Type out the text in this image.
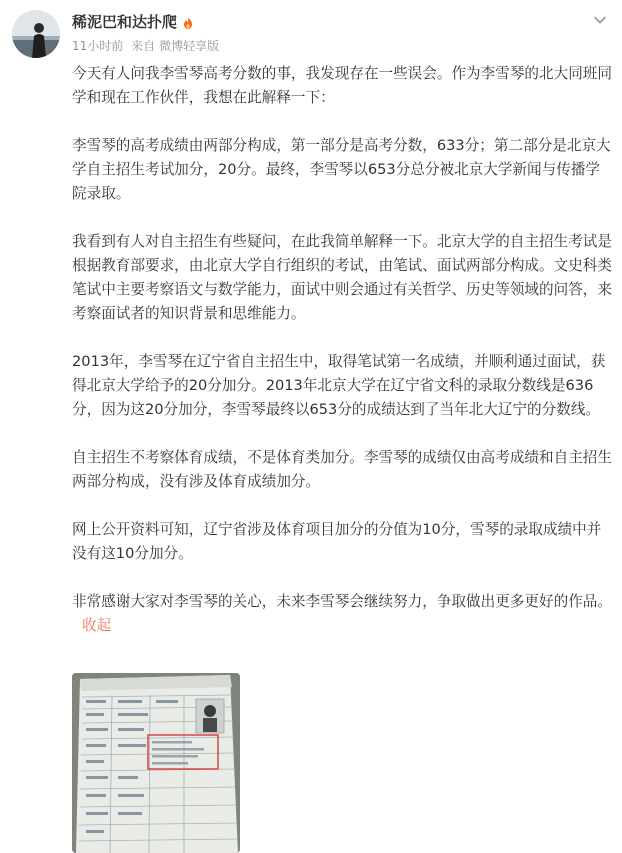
稀泥巴和达扑爬
11小时前 来自 微博轻享版

今天有人问我李雪琴高考分数的事，我发现存在一些误会。作为李雪琴的北大同班同学和现在工作伙伴，我想在此解释一下：

李雪琴的高考成绩由两部分构成，第一部分是高考分数，633分；第二部分是北京大学自主招生考试加分，20分。最终，李雪琴以653分总分被北京大学新闻与传播学院录取。

我看到有人对自主招生有些疑问，在此我简单解释一下。北京大学的自主招生考试是根据教育部要求，由北京大学自行组织的考试，由笔试、面试两部分构成。文史科类笔试中主要考察语文与数学能力，面试中则会通过有关哲学、历史等领域的问答，来考察面试者的知识背景和思维能力。

2013年，李雪琴在辽宁省自主招生中，取得笔试第一名成绩，并顺利通过面试，获得北京大学给予的20分加分。2013年北京大学在辽宁省文科的录取分数线是636分，因为这20分加分，李雪琴最终以653分的成绩达到了当年北大辽宁的分数线。

自主招生不考察体育成绩，不是体育类加分。李雪琴的成绩仅由高考成绩和自主招生两部分构成，没有涉及体育成绩加分。

网上公开资料可知，辽宁省涉及体育项目加分的分值为10分，雪琴的录取成绩中并没有这10分加分。

非常感谢大家对李雪琴的关心，未来李雪琴会继续努力，争取做出更多更好的作品。收起
